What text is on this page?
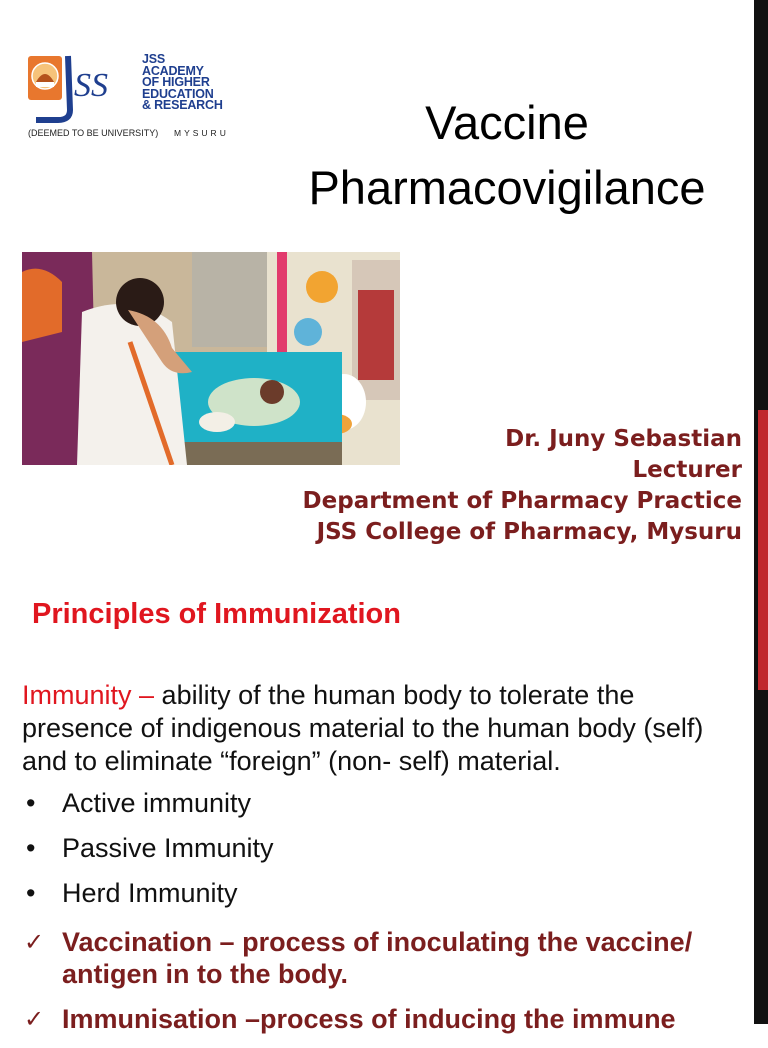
SS
JSS
ACADEMY
OF HIGHER
EDUCATION
& RESEARCH
(DEEMED TO BE UNIVERSITY) MYSURU	Vaccine
Pharmacovigilance
Dr. Juny Sebastian
Lecturer
Department of Pharmacy Practice
JSS College of Pharmacy, Mysuru
Principles of Immunization
Immunity – ability of the human body to tolerate the presence of indigenous material to the human body (self) and to eliminate “foreign” (non- self) material.
• Active immunity
• Passive Immunity
• Herd Immunity
✓ Vaccination – process of inoculating the vaccine/
antigen in to the body.
✓ Immunisation –process of inducing the immune
